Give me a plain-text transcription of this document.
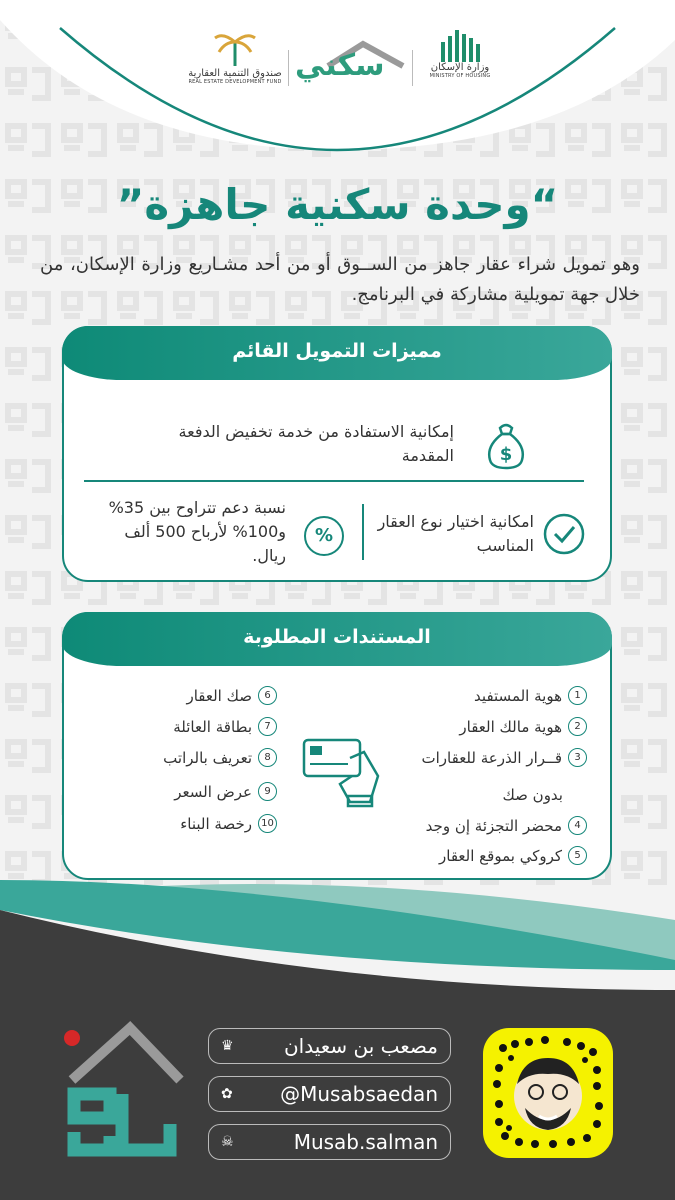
صندوق التنمية العقارية
REAL ESTATE DEVELOPMENT FUND سكني	وزارة الإسكان
MINISTRY OF HOUSING
“وحدة سكنية جاهزة”
وهو تمويل شراء عقار جاهز من الســوق أو من أحد مشـاريع وزارة الإسكان، من خلال جهة تمويلية مشاركة في البرنامج.
مميزات التمويل القائم
$
إمكانية الاستفادة من خدمة تخفيض الدفعة المقدمة
امكانية اختيار نوع العقار المناسب
%
نسبة دعم تتراوح بين 35% و100% لأرباح 500 ألف ريال.
المستندات المطلوبة
1
هوية المستفيد
2
هوية مالك العقار
3
قــرار الذرعة للعقارات
بدون صك
4
محضر التجزئة إن وجد
5
كروكي بموقع العقار
6
صك العقار
7
بطاقة العائلة
8
تعريف بالراتب
9
عرض السعر
10
رخصة البناء
♛	مصعب بن سعيدان
✿ @Musabsaedan
☠	Musab.salman
